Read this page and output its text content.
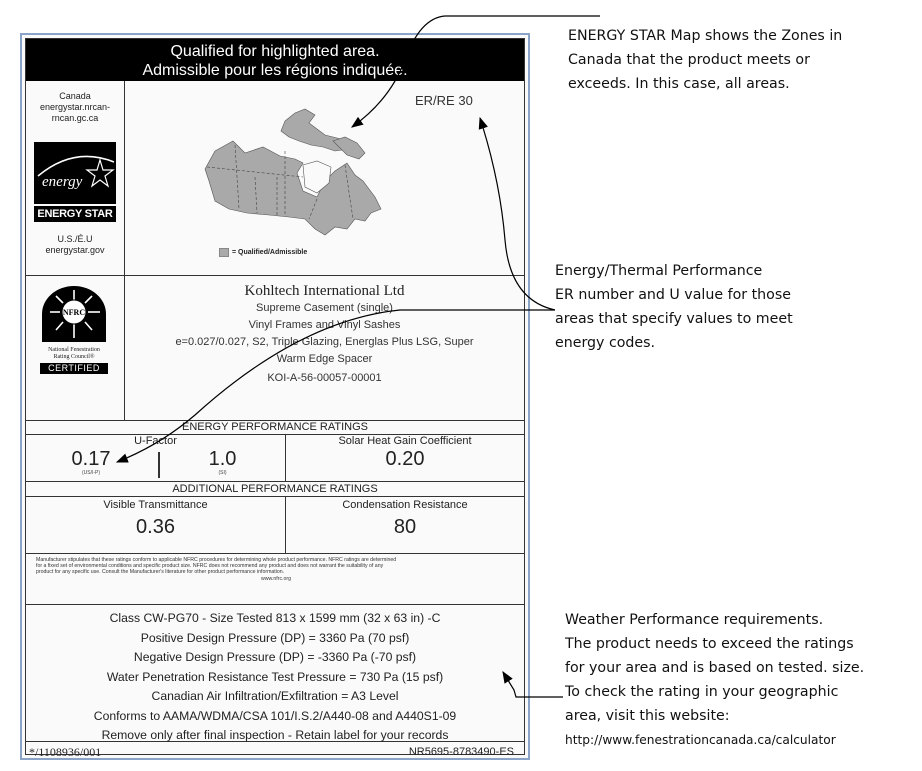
Qualified for highlighted area.
Admissible pour les régions indiquée.
Canada
energystar.nrcan-
rncan.gc.ca
energy
ENERGY STAR
U.S./É.U
energystar.gov
ER/RE 30
= Qualified/Admissible
NFRC
National Fenestration
Rating Council®
CERTIFIED
Kohltech International Ltd
Supreme Casement (single)
Vinyl Frames and Vinyl Sashes
e=0.027/0.027, S2, Triple Glazing, Energlas Plus LSG, Super
Warm Edge Spacer
KOI-A-56-00057-00001
ENERGY PERFORMANCE RATINGS
U-Factor
0.17
(US/I-P)
1.0
(SI)
Solar Heat Gain Coefficient
0.20
ADDITIONAL PERFORMANCE RATINGS
Visible Transmittance
0.36
Condensation Resistance
80
Manufacturer stipulates that these ratings conform to applicable NFRC procedures for determining whole product performance. NFRC ratings are determined
for a fixed set of environmental conditions and specific product size. NFRC does not recommend any product and does not warrant the suitability of any
product for any specific use. Consult the Manufacturer's literature for other product performance information.
www.nfrc.org
Class CW-PG70 - Size Tested 813 x 1599 mm (32 x 63 in) -C
Positive Design Pressure (DP) = 3360 Pa (70 psf)
Negative Design Pressure (DP) = -3360 Pa (-70 psf)
Water Penetration Resistance Test Pressure = 730 Pa (15 psf)
Canadian Air Infiltration/Exfiltration = A3 Level
Conforms to AAMA/WDMA/CSA 101/I.S.2/A440-08 and A440S1-09
Remove only after final inspection - Retain label for your records
*/1108936/001	NR5695-8783490-ES
ENERGY STAR Map shows the Zones in
Canada that the product meets or
exceeds. In this case, all areas.
Energy/Thermal Performance
ER number and U value for those
areas that specify values to meet
energy codes.
Weather Performance requirements.
The product needs to exceed the ratings
for your area and is based on tested. size.
To check the rating in your geographic
area, visit this website:
http://www.fenestrationcanada.ca/calculator
